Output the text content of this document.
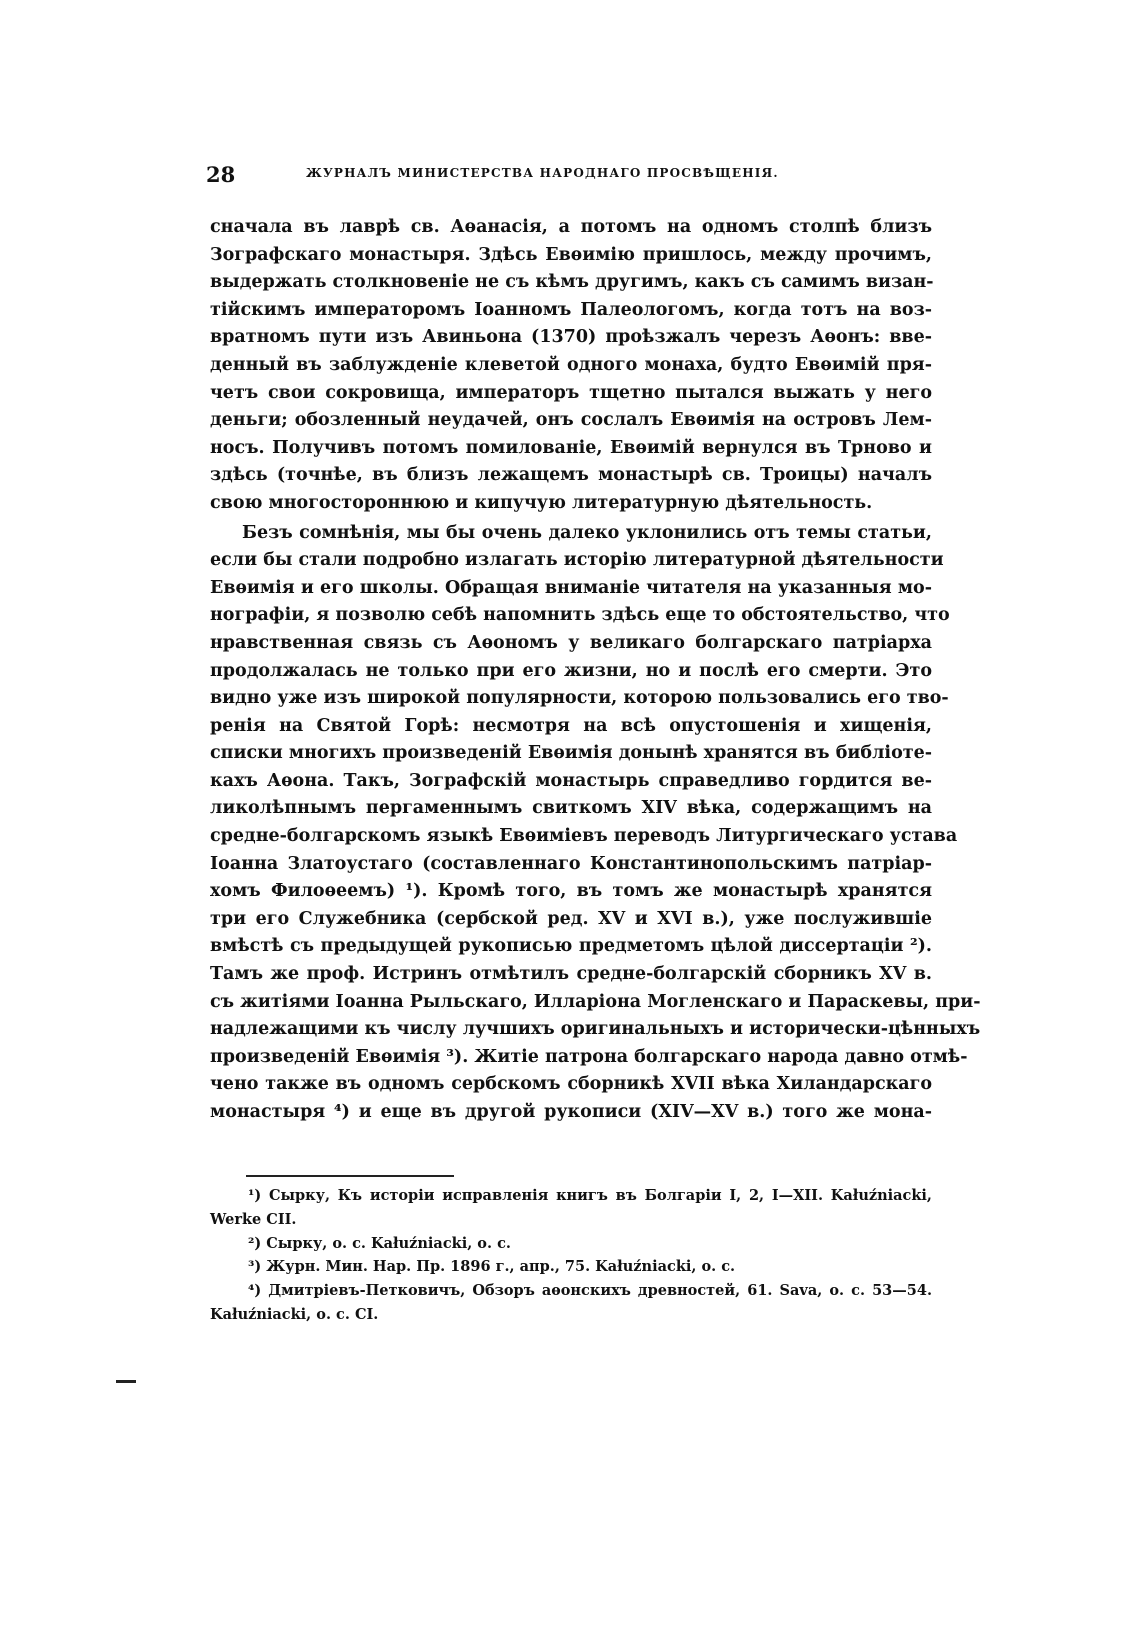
28	ЖУРНАЛЪ МИНИСТЕРСТВА НАРОДНАГО ПРОСВѢЩЕНІЯ.
сначала въ лаврѣ св. Аѳанасія, а потомъ на одномъ столпѣ близъ
Зографскаго монастыря. Здѣсь Евѳимію пришлось, между прочимъ,
выдержать столкновеніе не съ кѣмъ другимъ, какъ съ самимъ визан-
тійскимъ императоромъ Іоанномъ Палеологомъ, когда тотъ на воз-
вратномъ пути изъ Авиньона (1370) проѣзжалъ черезъ Аѳонъ: вве-
денный въ заблужденіе клеветой одного монаха, будто Евѳимій пря-
четъ свои сокровища, императоръ тщетно пытался выжать у него
деньги; обозленный неудачей, онъ сослалъ Евѳимія на островъ Лем-
носъ. Получивъ потомъ помилованіе, Евѳимій вернулся въ Трново и
здѣсь (точнѣе, въ близъ лежащемъ монастырѣ св. Троицы) началъ
свою многостороннюю и кипучую литературную дѣятельность.
Безъ сомнѣнія, мы бы очень далеко уклонились отъ темы статьи,
если бы стали подробно излагать исторію литературной дѣятельности
Евѳимія и его школы. Обращая вниманіе читателя на указанныя мо-
нографіи, я позволю себѣ напомнить здѣсь еще то обстоятельство, что
нравственная связь съ Аѳономъ у великаго болгарскаго патріарха
продолжалась не только при его жизни, но и послѣ его смерти. Это
видно уже изъ широкой популярности, которою пользовались его тво-
ренія на Святой Горѣ: несмотря на всѣ опустошенія и хищенія,
списки многихъ произведеній Евѳимія донынѣ хранятся въ библіоте-
кахъ Аѳона. Такъ, Зографскій монастырь справедливо гордится ве-
ликолѣпнымъ пергаменнымъ свиткомъ XIV вѣка, содержащимъ на
средне-болгарскомъ языкѣ Евѳиміевъ переводъ Литургическаго устава
Іоанна Златоустаго (составленнаго Константинопольскимъ патріар-
хомъ Филоѳеемъ) ¹). Кромѣ того, въ томъ же монастырѣ хранятся
три его Служебника (сербской ред. XV и XVI в.), уже послужившіе
вмѣстѣ съ предыдущей рукописью предметомъ цѣлой диссертаціи ²).
Тамъ же проф. Истринъ отмѣтилъ средне-болгарскій сборникъ XV в.
съ житіями Іоанна Рыльскаго, Илларіона Могленскаго и Параскевы, при-
надлежащими къ числу лучшихъ оригинальныхъ и исторически-цѣнныхъ
произведеній Евѳимія ³). Житіе патрона болгарскаго народа давно отмѣ-
чено также въ одномъ сербскомъ сборникѣ XVII вѣка Хиландарскаго
монастыря ⁴) и еще въ другой рукописи (XIV—XV в.) того же мона-
¹) Сырку, Къ исторіи исправленія книгъ въ Болгаріи I, 2, I—XII. Kałuźniacki,
Werke CII.
²) Сырку, о. с. Kałuźniacki, о. с.
³) Журн. Мин. Нар. Пр. 1896 г., апр., 75. Kałuźniacki, о. с.
⁴) Дмитріевъ-Петковичъ, Обзоръ аѳонскихъ древностей, 61. Sava, о. с. 53—54.
Kałuźniacki, о. с. CI.
